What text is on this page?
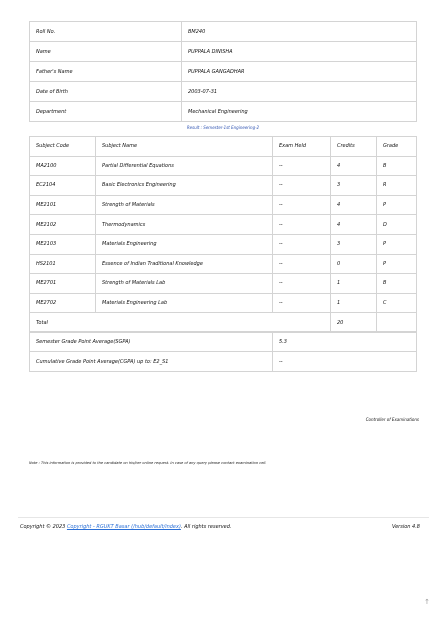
Roll No.	BM240
Name	PUPPALA DINISHA
Father's Name	PUPPALA GANGADHAR
Date of Birth	2003-07-31
Department	Mechanical Engineering
Result : Semester-1st Engineering-2
Subject Code	Subject Name	Exam Held	Credits	Grade
MA2100	Partial Differential Equations	--	4	B
EC2104	Basic Electronics Engineering	--	3	R
ME2101	Strength of Materials	--	4	P
ME2102	Thermodynamics	--	4	D
ME2103	Materials Engineering	--	3	P
HS2101	Essence of Indian Traditional Knowledge	--	0	P
ME2701	Strength of Materials Lab	--	1	B
ME2702	Materials Engineering Lab	--	1	C
Total			20	
Semester Grade Point Average(SGPA)	5.3
Cumulative Grade Point Average(CGPA) up to: E2_S1	--
Controller of Examinations
Note : This information is provided to the candidate on his/her online request. In case of any query please contact examination cell.
Copyright © 2023 Copyright - RGUKT Basar (/hub/default/index). All rights reserved.	Version 4.8
↑
